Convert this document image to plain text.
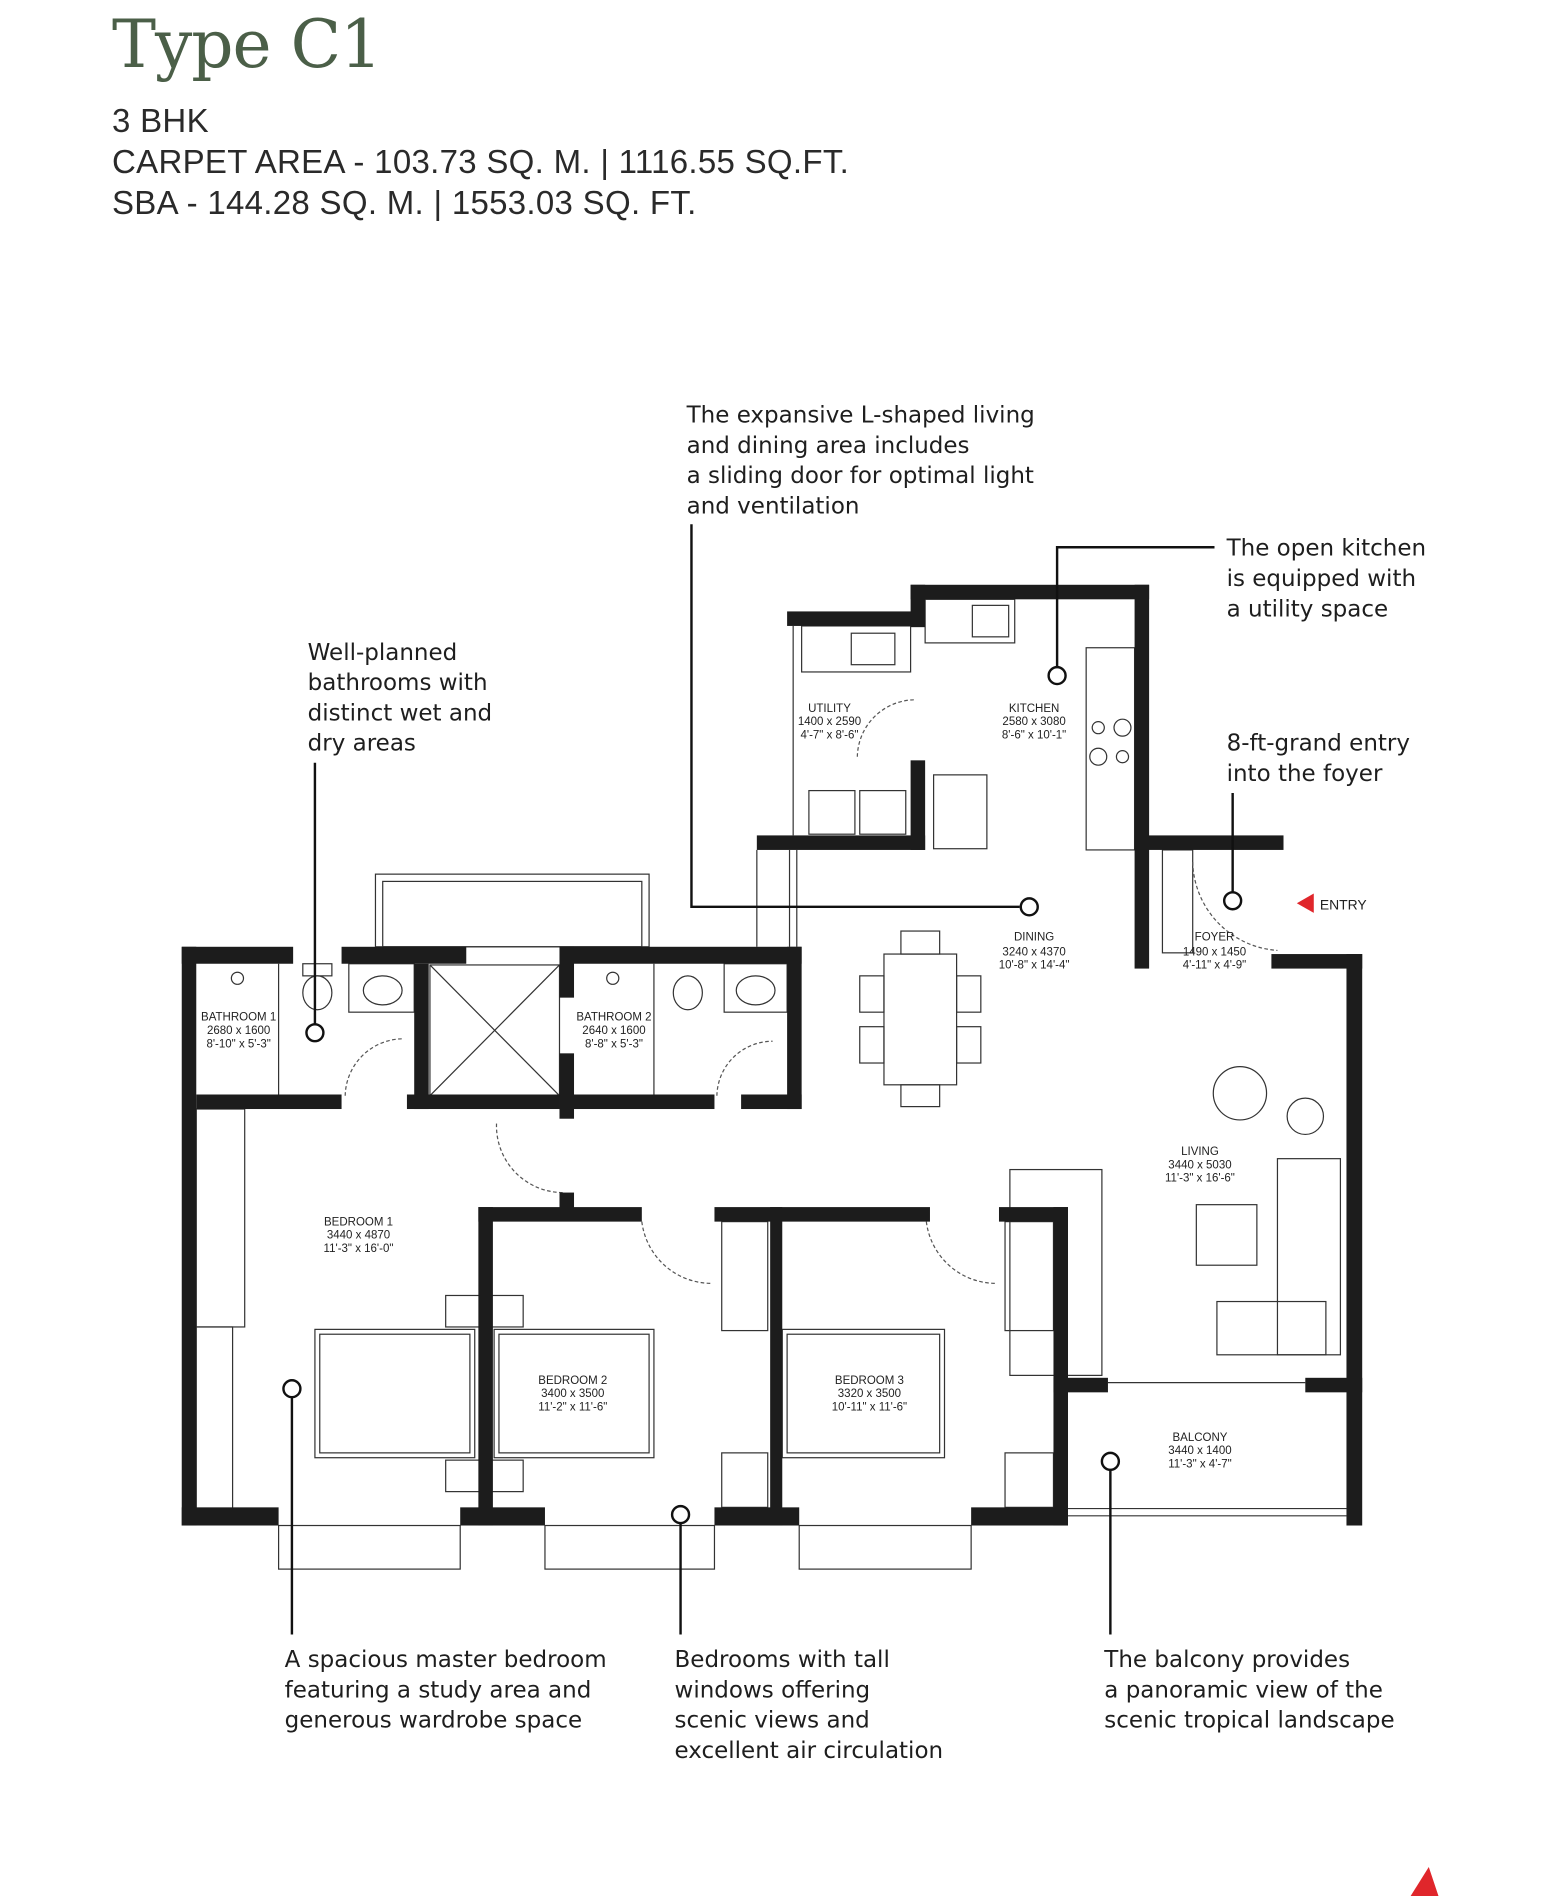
Type C1
3 BHK
CARPET AREA - 103.73 SQ. M. | 1116.55 SQ.FT.
SBA - 144.28 SQ. M. | 1553.03 SQ. FT.
UTILITY
1400 x 2590
4'-7" x 8'-6"
KITCHEN
2580 x 3080
8'-6" x 10'-1"
DINING
3240 x 4370
10'-8" x 14'-4"
FOYER
1490 x 1450
4'-11" x 4'-9"
BATHROOM 1
2680 x 1600
8'-10" x 5'-3"
BATHROOM 2
2640 x 1600
8'-8" x 5'-3"
BEDROOM 1
3440 x 4870
11'-3" x 16'-0"
BEDROOM 2
3400 x 3500
11'-2" x 11'-6"
BEDROOM 3
3320 x 3500
10'-11" x 11'-6"
LIVING
3440 x 5030
11'-3" x 16'-6"
BALCONY
3440 x 1400
11'-3" x 4'-7"
ENTRY
The expansive L-shaped living
and dining area includes
a sliding door for optimal light
and ventilation
The open kitchen
is equipped with
a utility space
Well-planned
bathrooms with
distinct wet and
dry areas	8-ft-grand entry
into the foyer
A spacious master bedroom
featuring a study area and
generous wardrobe space
Bedrooms with tall
windows offering
scenic views and
excellent air circulation
The balcony provides
a panoramic view of the
scenic tropical landscape
